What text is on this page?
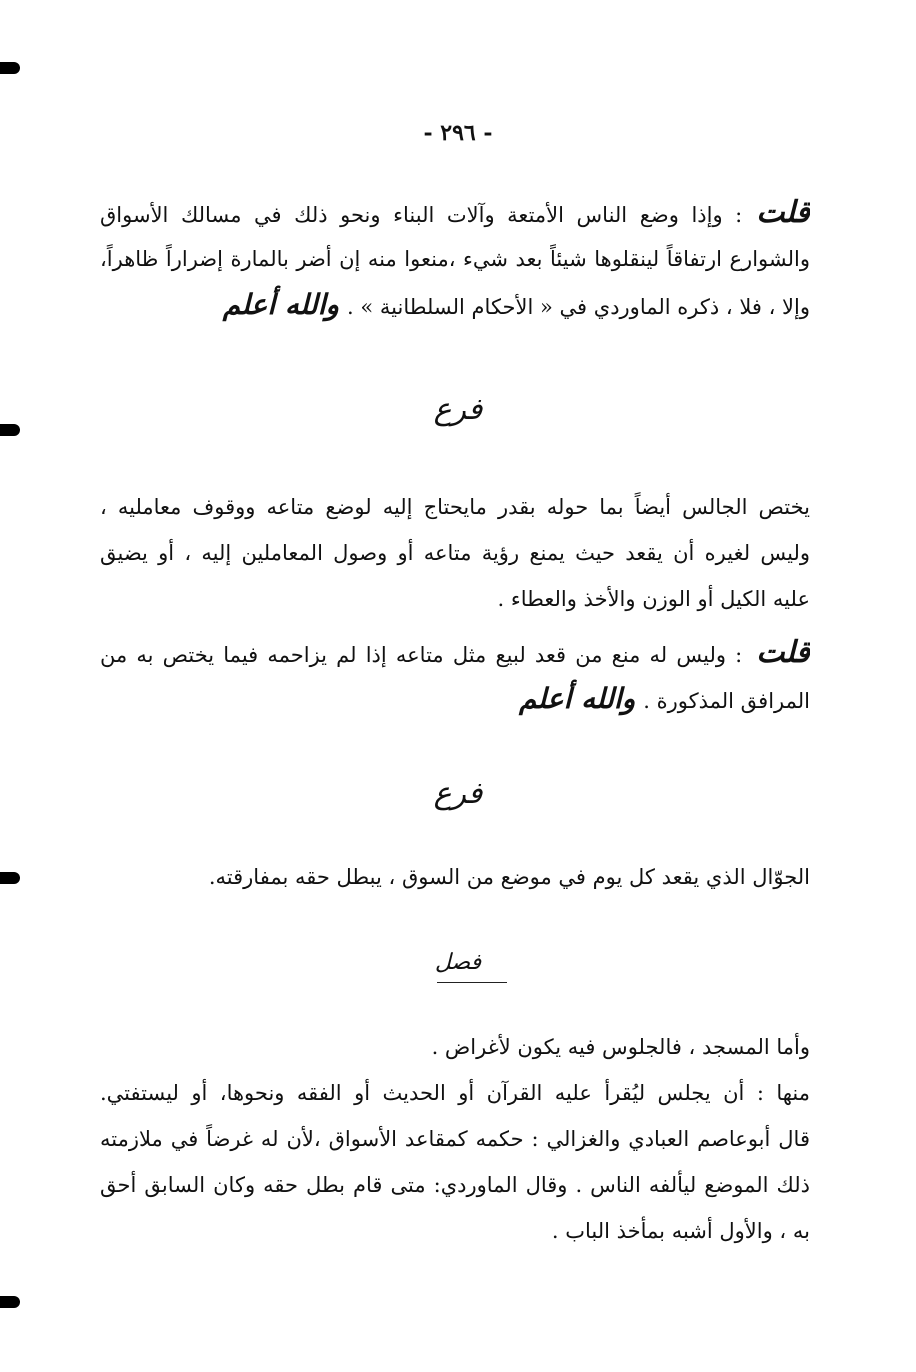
- ٢٩٦ -
قلت: وإذا وضع الناس الأمتعة وآلات البناء ونحو ذلك في مسالك الأسواق
والشوارع ارتفاقاً لينقلوها شيئاً بعد شيء ،منعوا منه إن أضر بالمارة إضراراً ظاهراً،
وإلا ، فلا ، ذكره الماوردي في « الأحكام السلطانية » .والله أعلم
فرع
يختص الجالس أيضاً بما حوله بقدر مايحتاج إليه لوضع متاعه ووقوف معامليه ،
وليس لغيره أن يقعد حيث يمنع رؤية متاعه أو وصول المعاملين إليه ، أو يضيق
عليه الكيل أو الوزن والأخذ والعطاء .
قلت: وليس له منع من قعد لبيع مثل متاعه إذا لم يزاحمه فيما يختص به من
المرافق المذكورة .والله أعلم
فرع
الجوّال الذي يقعد كل يوم في موضع من السوق ، يبطل حقه بمفارقته.
فصل
وأما المسجد ، فالجلوس فيه يكون لأغراض .
منها : أن يجلس ليُقرأ عليه القرآن أو الحديث أو الفقه ونحوها، أو ليستفتي.
قال أبوعاصم العبادي والغزالي : حكمه كمقاعد الأسواق ،لأن له غرضاً في ملازمته
ذلك الموضع ليألفه الناس . وقال الماوردي: متى قام بطل حقه وكان السابق أحق
به ، والأول أشبه بمأخذ الباب .
